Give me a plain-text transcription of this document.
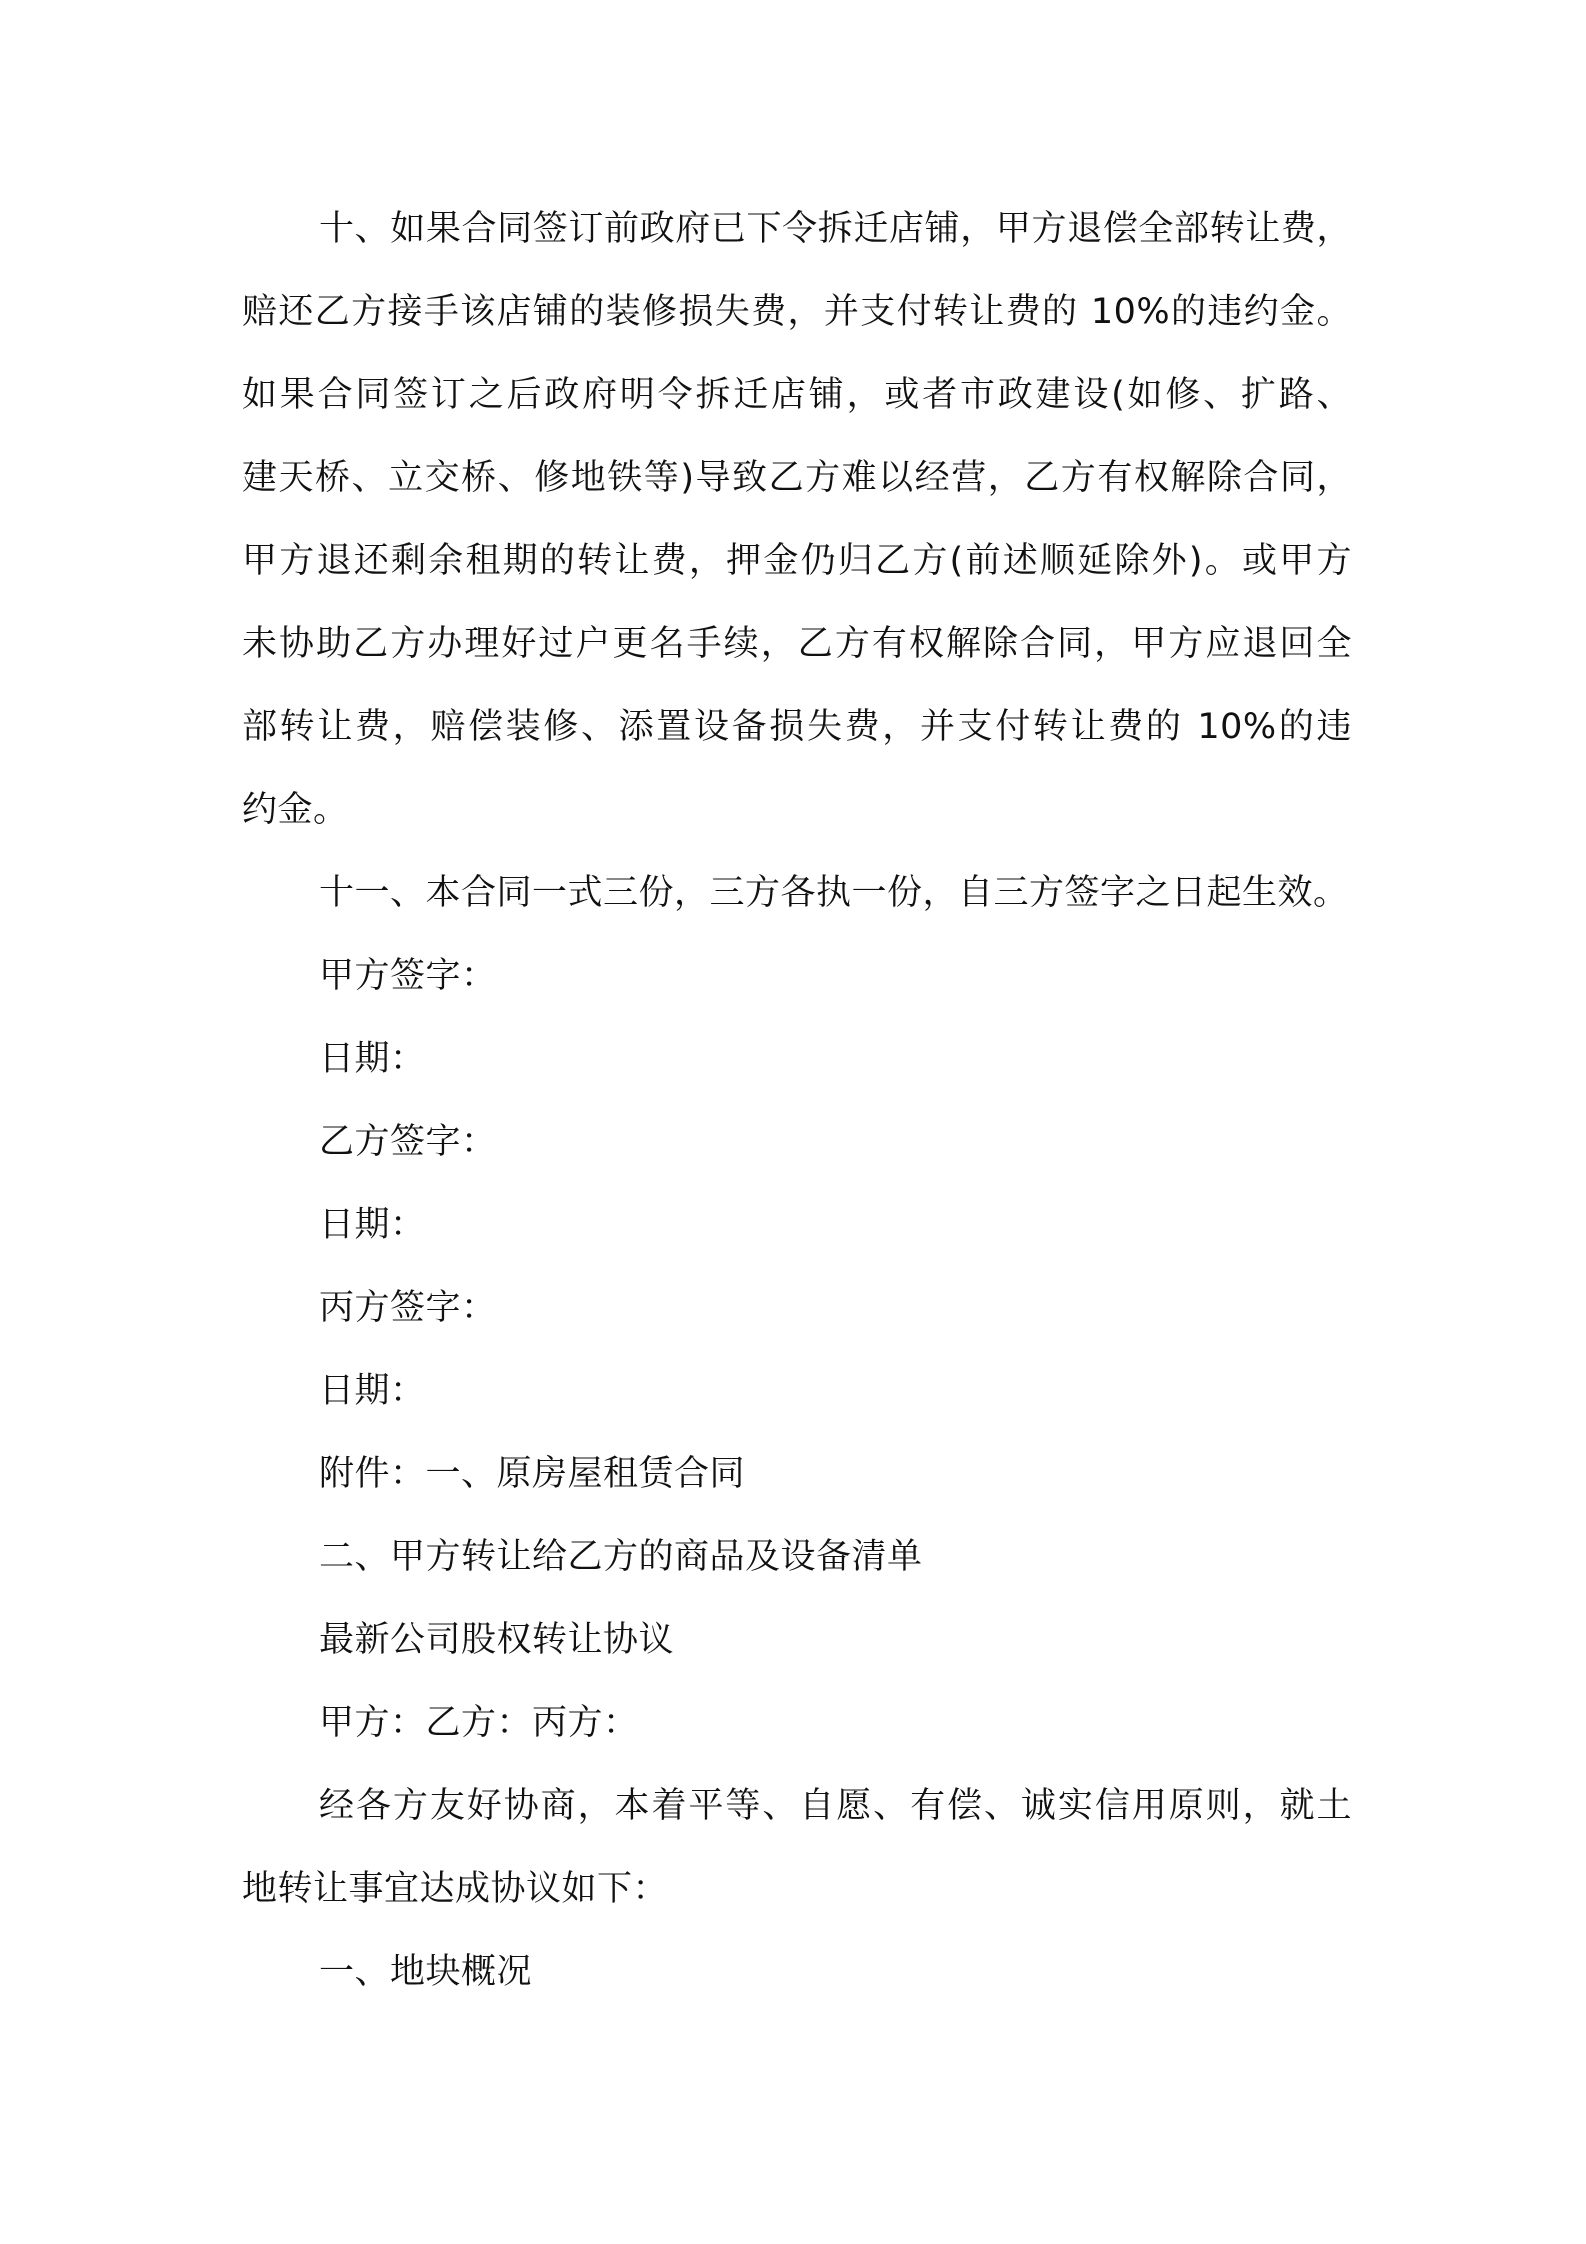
十、如果合同签订前政府已下令拆迁店铺，甲方退偿全部转让费，
赔还乙方接手该店铺的装修损失费，并支付转让费的 10%的违约金。
如果合同签订之后政府明令拆迁店铺，或者市政建设(如修、扩路、
建天桥、立交桥、修地铁等)导致乙方难以经营，乙方有权解除合同，
甲方退还剩余租期的转让费，押金仍归乙方(前述顺延除外)。或甲方
未协助乙方办理好过户更名手续，乙方有权解除合同，甲方应退回全
部转让费，赔偿装修、添置设备损失费，并支付转让费的 10%的违
约金。
十一、本合同一式三份，三方各执一份，自三方签字之日起生效。
甲方签字：
日期：
乙方签字：
日期：
丙方签字：
日期：
附件：一、原房屋租赁合同
二、甲方转让给乙方的商品及设备清单
最新公司股权转让协议
甲方：乙方：丙方：
经各方友好协商，本着平等、自愿、有偿、诚实信用原则，就土
地转让事宜达成协议如下：
一、地块概况
